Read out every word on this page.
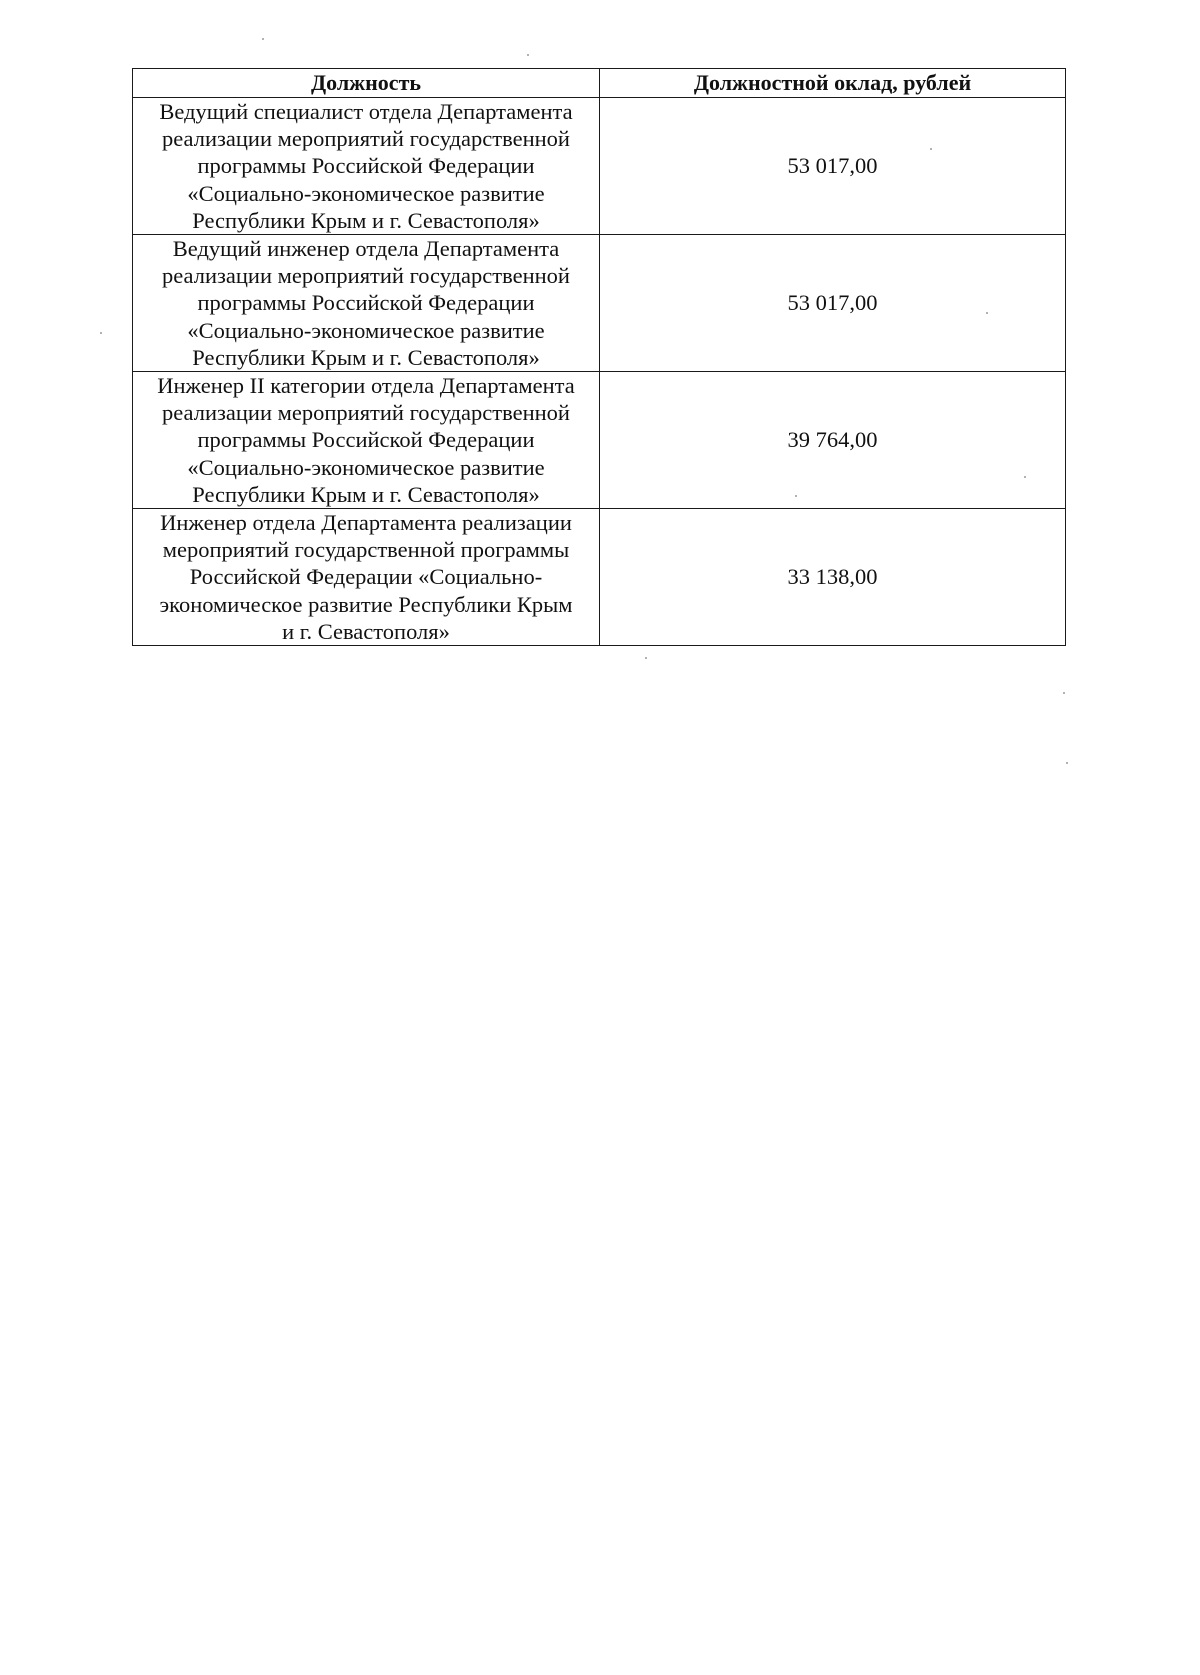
Должность	Должностной оклад, рублей

Ведущий специалист отдела Департамента
реализации мероприятий государственной
программы Российской Федерации
«Социально-экономическое развитие
Республики Крым и г. Севастополя»	53 017,00

Ведущий инженер отдела Департамента
реализации мероприятий государственной
программы Российской Федерации
«Социально-экономическое развитие
Республики Крым и г. Севастополя»	53 017,00

Инженер II категории отдела Департамента
реализации мероприятий государственной
программы Российской Федерации
«Социально-экономическое развитие
Республики Крым и г. Севастополя»	39 764,00

Инженер отдела Департамента реализации
мероприятий государственной программы
Российской Федерации «Социально-
экономическое развитие Республики Крым
и г. Севастополя»	33 138,00
